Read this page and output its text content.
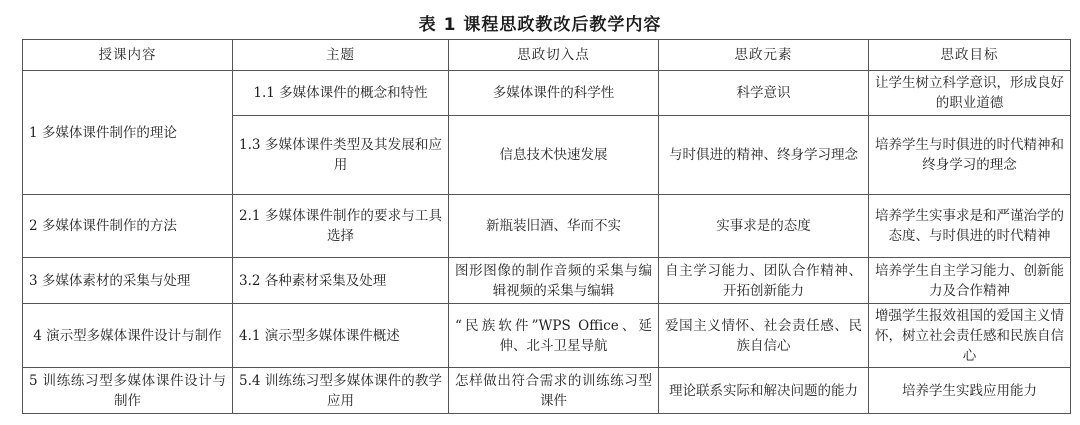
表 1 课程思政教改后教学内容
授课内容	主题	思政切入点	思政元素	思政目标
1 多媒体课件制作的理论	1.1 多媒体课件的概念和特性	多媒体课件的科学性	科学意识	让学生树立科学意识，形成良好的职业道德
	1.3 多媒体课件类型及其发展和应用	信息技术快速发展	与时俱进的精神、终身学习理念	培养学生与时俱进的时代精神和终身学习的理念
2 多媒体课件制作的方法	2.1 多媒体课件制作的要求与工具选择	新瓶装旧酒、华而不实	实事求是的态度	培养学生实事求是和严谨治学的态度、与时俱进的时代精神
3 多媒体素材的采集与处理	3.2 各种素材采集及处理	图形图像的制作音频的采集与编辑视频的采集与编辑	自主学习能力、团队合作精神、开拓创新能力	培养学生自主学习能力、创新能力及合作精神
4 演示型多媒体课件设计与制作	4.1 演示型多媒体课件概述	“民族软件”WPS Office、延伸、北斗卫星导航	爱国主义情怀、社会责任感、民族自信心	增强学生报效祖国的爱国主义情怀，树立社会责任感和民族自信心
5 训练练习型多媒体课件设计与制作	5.4 训练练习型多媒体课件的教学应用	怎样做出符合需求的训练练习型课件	理论联系实际和解决问题的能力	培养学生实践应用能力
